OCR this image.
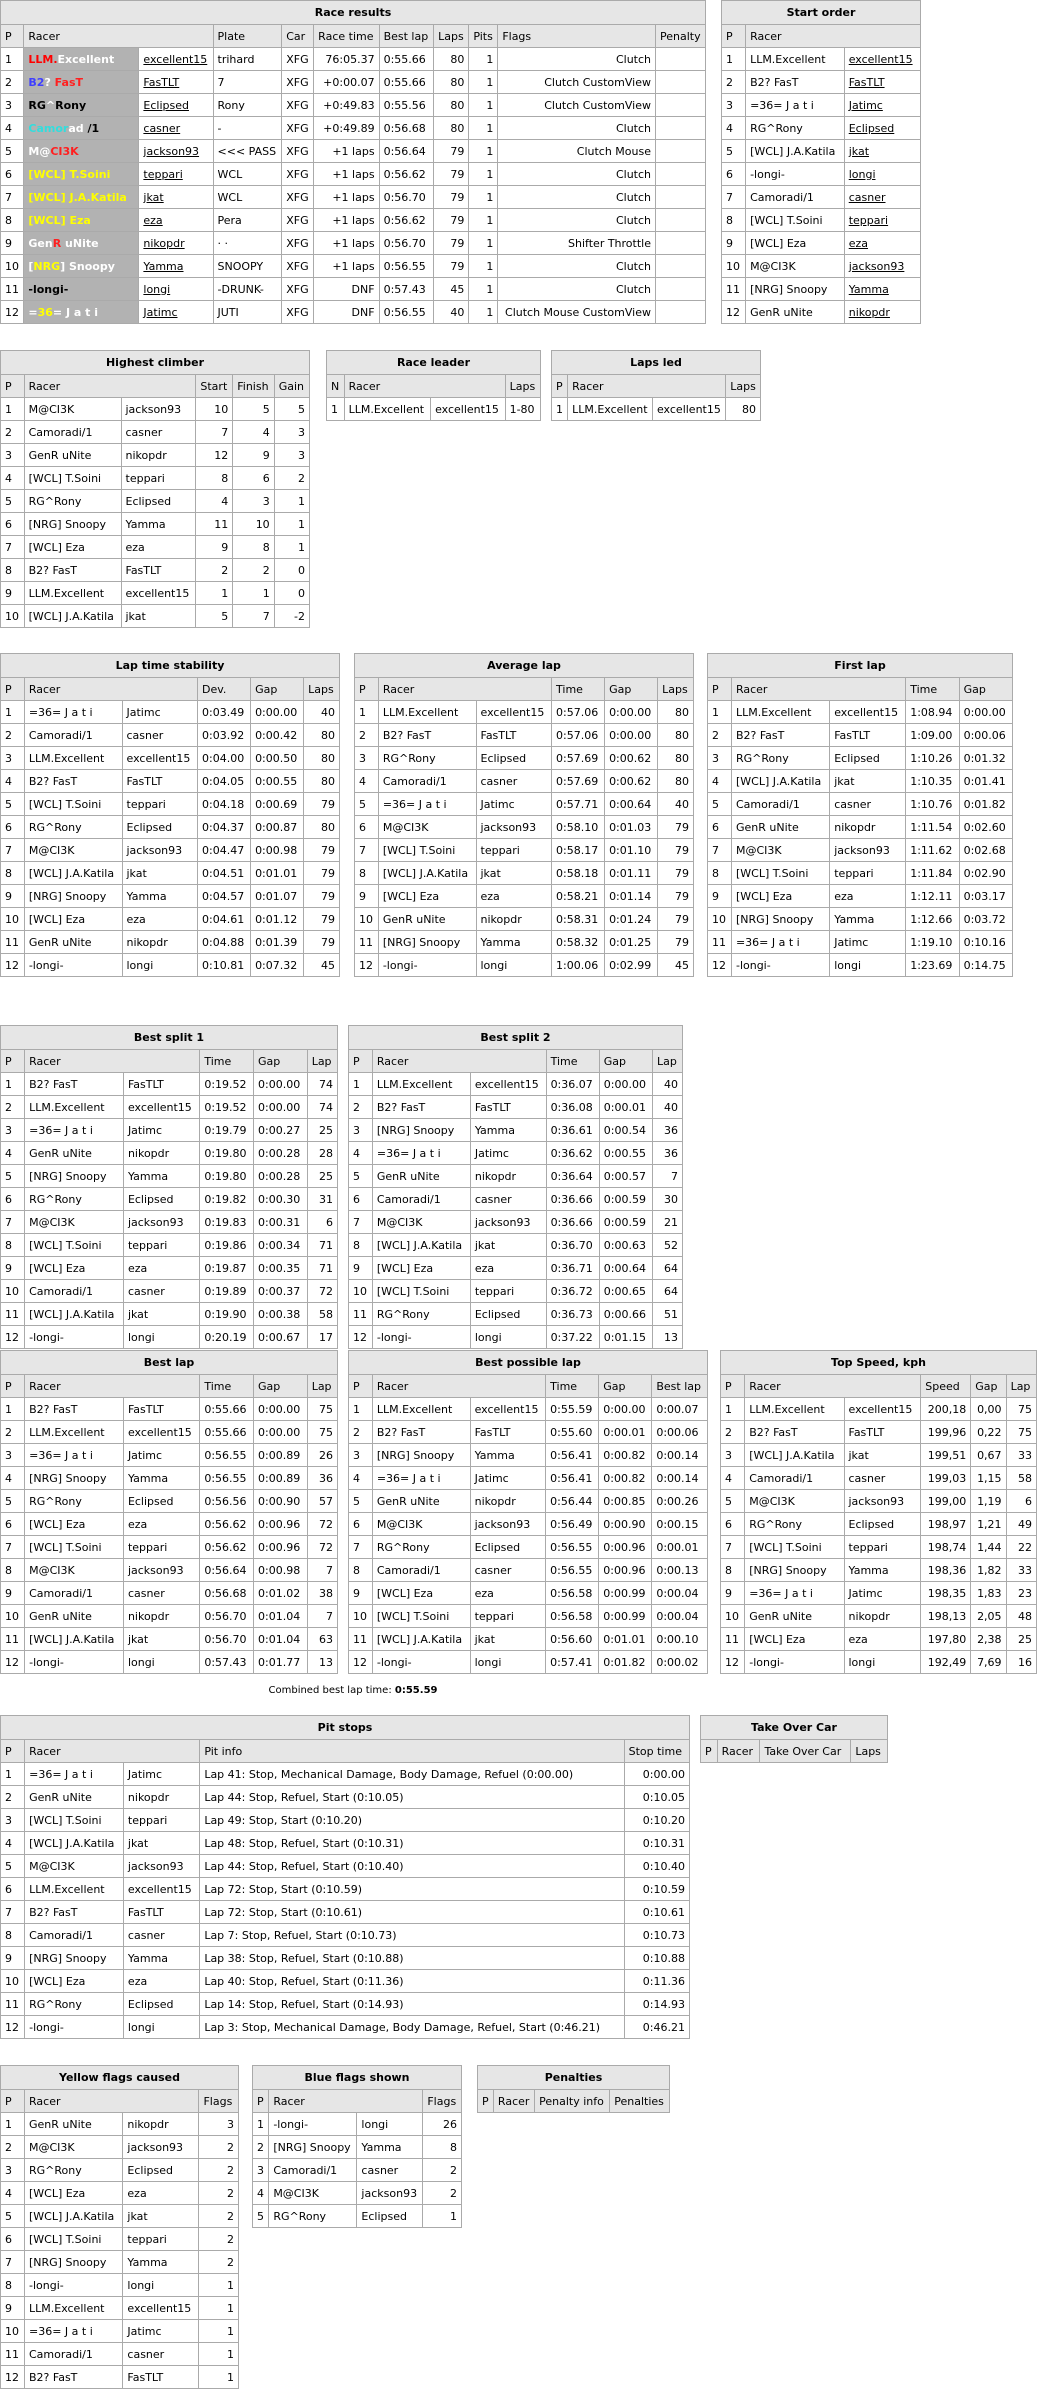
Race results										
P	Racer		Plate	Car	Race time	Best lap	Laps	Pits	Flags	Penalty
1	LLM.Excellent	excellent15	trihard	XFG	76:05.37	0:55.66	80	1	Clutch	
2	B2? FasT	FasTLT	7	XFG	+0:00.07	0:55.66	80	1	Clutch CustomView	
3	RG^Rony	Eclipsed	Rony	XFG	+0:49.83	0:55.56	80	1	Clutch CustomView	
4	Camorad /1	casner	-	XFG	+0:49.89	0:56.68	80	1	Clutch	
5	M@CI3K	jackson93	<<< PASS	XFG	+1 laps	0:56.64	79	1	Clutch Mouse	
6	[WCL] T.Soini	teppari	WCL	XFG	+1 laps	0:56.62	79	1	Clutch	
7	[WCL] J.A.Katila	jkat	WCL	XFG	+1 laps	0:56.70	79	1	Clutch	
8	[WCL] Eza	eza	Pera	XFG	+1 laps	0:56.62	79	1	Clutch	
9	GenR uNite	nikopdr	· ·	XFG	+1 laps	0:56.70	79	1	Shifter Throttle	
10	[NRG] Snoopy	Yamma	SNOOPY	XFG	+1 laps	0:56.55	79	1	Clutch	
11	-longi-	longi	-DRUNK-	XFG	DNF	0:57.43	45	1	Clutch	
12	=36= J a t i	Jatimc	JUTI	XFG	DNF	0:56.55	40	1	Clutch Mouse CustomView	
Start order		
P	Racer	
1	LLM.Excellent	excellent15
2	B2? FasT	FasTLT
3	=36= J a t i	Jatimc
4	RG^Rony	Eclipsed
5	[WCL] J.A.Katila	jkat
6	-longi-	longi
7	Camoradi/1	casner
8	[WCL] T.Soini	teppari
9	[WCL] Eza	eza
10	M@CI3K	jackson93
11	[NRG] Snoopy	Yamma
12	GenR uNite	nikopdr
Highest climber					
P	Racer		Start	Finish	Gain
1	M@CI3K	jackson93	10	5	5
2	Camoradi/1	casner	7	4	3
3	GenR uNite	nikopdr	12	9	3
4	[WCL] T.Soini	teppari	8	6	2
5	RG^Rony	Eclipsed	4	3	1
6	[NRG] Snoopy	Yamma	11	10	1
7	[WCL] Eza	eza	9	8	1
8	B2? FasT	FasTLT	2	2	0
9	LLM.Excellent	excellent15	1	1	0
10	[WCL] J.A.Katila	jkat	5	7	-2
Race leader			
N	Racer		Laps
1	LLM.Excellent	excellent15	1-80
Laps led			
P	Racer		Laps
1	LLM.Excellent	excellent15	80
Lap time stability					
P	Racer		Dev.	Gap	Laps
1	=36= J a t i	Jatimc	0:03.49	0:00.00	40
2	Camoradi/1	casner	0:03.92	0:00.42	80
3	LLM.Excellent	excellent15	0:04.00	0:00.50	80
4	B2? FasT	FasTLT	0:04.05	0:00.55	80
5	[WCL] T.Soini	teppari	0:04.18	0:00.69	79
6	RG^Rony	Eclipsed	0:04.37	0:00.87	80
7	M@CI3K	jackson93	0:04.47	0:00.98	79
8	[WCL] J.A.Katila	jkat	0:04.51	0:01.01	79
9	[NRG] Snoopy	Yamma	0:04.57	0:01.07	79
10	[WCL] Eza	eza	0:04.61	0:01.12	79
11	GenR uNite	nikopdr	0:04.88	0:01.39	79
12	-longi-	longi	0:10.81	0:07.32	45
Average lap					
P	Racer		Time	Gap	Laps
1	LLM.Excellent	excellent15	0:57.06	0:00.00	80
2	B2? FasT	FasTLT	0:57.06	0:00.00	80
3	RG^Rony	Eclipsed	0:57.69	0:00.62	80
4	Camoradi/1	casner	0:57.69	0:00.62	80
5	=36= J a t i	Jatimc	0:57.71	0:00.64	40
6	M@CI3K	jackson93	0:58.10	0:01.03	79
7	[WCL] T.Soini	teppari	0:58.17	0:01.10	79
8	[WCL] J.A.Katila	jkat	0:58.18	0:01.11	79
9	[WCL] Eza	eza	0:58.21	0:01.14	79
10	GenR uNite	nikopdr	0:58.31	0:01.24	79
11	[NRG] Snoopy	Yamma	0:58.32	0:01.25	79
12	-longi-	longi	1:00.06	0:02.99	45
First lap				
P	Racer		Time	Gap
1	LLM.Excellent	excellent15	1:08.94	0:00.00
2	B2? FasT	FasTLT	1:09.00	0:00.06
3	RG^Rony	Eclipsed	1:10.26	0:01.32
4	[WCL] J.A.Katila	jkat	1:10.35	0:01.41
5	Camoradi/1	casner	1:10.76	0:01.82
6	GenR uNite	nikopdr	1:11.54	0:02.60
7	M@CI3K	jackson93	1:11.62	0:02.68
8	[WCL] T.Soini	teppari	1:11.84	0:02.90
9	[WCL] Eza	eza	1:12.11	0:03.17
10	[NRG] Snoopy	Yamma	1:12.66	0:03.72
11	=36= J a t i	Jatimc	1:19.10	0:10.16
12	-longi-	longi	1:23.69	0:14.75
Best split 1					
P	Racer		Time	Gap	Lap
1	B2? FasT	FasTLT	0:19.52	0:00.00	74
2	LLM.Excellent	excellent15	0:19.52	0:00.00	74
3	=36= J a t i	Jatimc	0:19.79	0:00.27	25
4	GenR uNite	nikopdr	0:19.80	0:00.28	28
5	[NRG] Snoopy	Yamma	0:19.80	0:00.28	25
6	RG^Rony	Eclipsed	0:19.82	0:00.30	31
7	M@CI3K	jackson93	0:19.83	0:00.31	6
8	[WCL] T.Soini	teppari	0:19.86	0:00.34	71
9	[WCL] Eza	eza	0:19.87	0:00.35	71
10	Camoradi/1	casner	0:19.89	0:00.37	72
11	[WCL] J.A.Katila	jkat	0:19.90	0:00.38	58
12	-longi-	longi	0:20.19	0:00.67	17
Best split 2					
P	Racer		Time	Gap	Lap
1	LLM.Excellent	excellent15	0:36.07	0:00.00	40
2	B2? FasT	FasTLT	0:36.08	0:00.01	40
3	[NRG] Snoopy	Yamma	0:36.61	0:00.54	36
4	=36= J a t i	Jatimc	0:36.62	0:00.55	36
5	GenR uNite	nikopdr	0:36.64	0:00.57	7
6	Camoradi/1	casner	0:36.66	0:00.59	30
7	M@CI3K	jackson93	0:36.66	0:00.59	21
8	[WCL] J.A.Katila	jkat	0:36.70	0:00.63	52
9	[WCL] Eza	eza	0:36.71	0:00.64	64
10	[WCL] T.Soini	teppari	0:36.72	0:00.65	64
11	RG^Rony	Eclipsed	0:36.73	0:00.66	51
12	-longi-	longi	0:37.22	0:01.15	13
Best lap					
P	Racer		Time	Gap	Lap
1	B2? FasT	FasTLT	0:55.66	0:00.00	75
2	LLM.Excellent	excellent15	0:55.66	0:00.00	75
3	=36= J a t i	Jatimc	0:56.55	0:00.89	26
4	[NRG] Snoopy	Yamma	0:56.55	0:00.89	36
5	RG^Rony	Eclipsed	0:56.56	0:00.90	57
6	[WCL] Eza	eza	0:56.62	0:00.96	72
7	[WCL] T.Soini	teppari	0:56.62	0:00.96	72
8	M@CI3K	jackson93	0:56.64	0:00.98	7
9	Camoradi/1	casner	0:56.68	0:01.02	38
10	GenR uNite	nikopdr	0:56.70	0:01.04	7
11	[WCL] J.A.Katila	jkat	0:56.70	0:01.04	63
12	-longi-	longi	0:57.43	0:01.77	13
Best possible lap					
P	Racer		Time	Gap	Best lap
1	LLM.Excellent	excellent15	0:55.59	0:00.00	0:00.07
2	B2? FasT	FasTLT	0:55.60	0:00.01	0:00.06
3	[NRG] Snoopy	Yamma	0:56.41	0:00.82	0:00.14
4	=36= J a t i	Jatimc	0:56.41	0:00.82	0:00.14
5	GenR uNite	nikopdr	0:56.44	0:00.85	0:00.26
6	M@CI3K	jackson93	0:56.49	0:00.90	0:00.15
7	RG^Rony	Eclipsed	0:56.55	0:00.96	0:00.01
8	Camoradi/1	casner	0:56.55	0:00.96	0:00.13
9	[WCL] Eza	eza	0:56.58	0:00.99	0:00.04
10	[WCL] T.Soini	teppari	0:56.58	0:00.99	0:00.04
11	[WCL] J.A.Katila	jkat	0:56.60	0:01.01	0:00.10
12	-longi-	longi	0:57.41	0:01.82	0:00.02
Top Speed, kph					
P	Racer		Speed	Gap	Lap
1	LLM.Excellent	excellent15	200,18	0,00	75
2	B2? FasT	FasTLT	199,96	0,22	75
3	[WCL] J.A.Katila	jkat	199,51	0,67	33
4	Camoradi/1	casner	199,03	1,15	58
5	M@CI3K	jackson93	199,00	1,19	6
6	RG^Rony	Eclipsed	198,97	1,21	49
7	[WCL] T.Soini	teppari	198,74	1,44	22
8	[NRG] Snoopy	Yamma	198,36	1,82	33
9	=36= J a t i	Jatimc	198,35	1,83	23
10	GenR uNite	nikopdr	198,13	2,05	48
11	[WCL] Eza	eza	197,80	2,38	25
12	-longi-	longi	192,49	7,69	16
Combined best lap time: 0:55.59
Pit stops				
P	Racer		Pit info	Stop time
1	=36= J a t i	Jatimc	Lap 41: Stop, Mechanical Damage, Body Damage, Refuel (0:00.00)	0:00.00
2	GenR uNite	nikopdr	Lap 44: Stop, Refuel, Start (0:10.05)	0:10.05
3	[WCL] T.Soini	teppari	Lap 49: Stop, Start (0:10.20)	0:10.20
4	[WCL] J.A.Katila	jkat	Lap 48: Stop, Refuel, Start (0:10.31)	0:10.31
5	M@CI3K	jackson93	Lap 44: Stop, Refuel, Start (0:10.40)	0:10.40
6	LLM.Excellent	excellent15	Lap 72: Stop, Start (0:10.59)	0:10.59
7	B2? FasT	FasTLT	Lap 72: Stop, Start (0:10.61)	0:10.61
8	Camoradi/1	casner	Lap 7: Stop, Refuel, Start (0:10.73)	0:10.73
9	[NRG] Snoopy	Yamma	Lap 38: Stop, Refuel, Start (0:10.88)	0:10.88
10	[WCL] Eza	eza	Lap 40: Stop, Refuel, Start (0:11.36)	0:11.36
11	RG^Rony	Eclipsed	Lap 14: Stop, Refuel, Start (0:14.93)	0:14.93
12	-longi-	longi	Lap 3: Stop, Mechanical Damage, Body Damage, Refuel, Start (0:46.21)	0:46.21
Take Over Car
P	Racer	Take Over Car	Laps
Yellow flags caused			
P	Racer		Flags
1	GenR uNite	nikopdr	3
2	M@CI3K	jackson93	2
3	RG^Rony	Eclipsed	2
4	[WCL] Eza	eza	2
5	[WCL] J.A.Katila	jkat	2
6	[WCL] T.Soini	teppari	2
7	[NRG] Snoopy	Yamma	2
8	-longi-	longi	1
9	LLM.Excellent	excellent15	1
10	=36= J a t i	Jatimc	1
11	Camoradi/1	casner	1
12	B2? FasT	FasTLT	1
Blue flags shown			
P	Racer		Flags
1	-longi-	longi	26
2	[NRG] Snoopy	Yamma	8
3	Camoradi/1	casner	2
4	M@CI3K	jackson93	2
5	RG^Rony	Eclipsed	1
Penalties
P	Racer	Penalty info	Penalties
